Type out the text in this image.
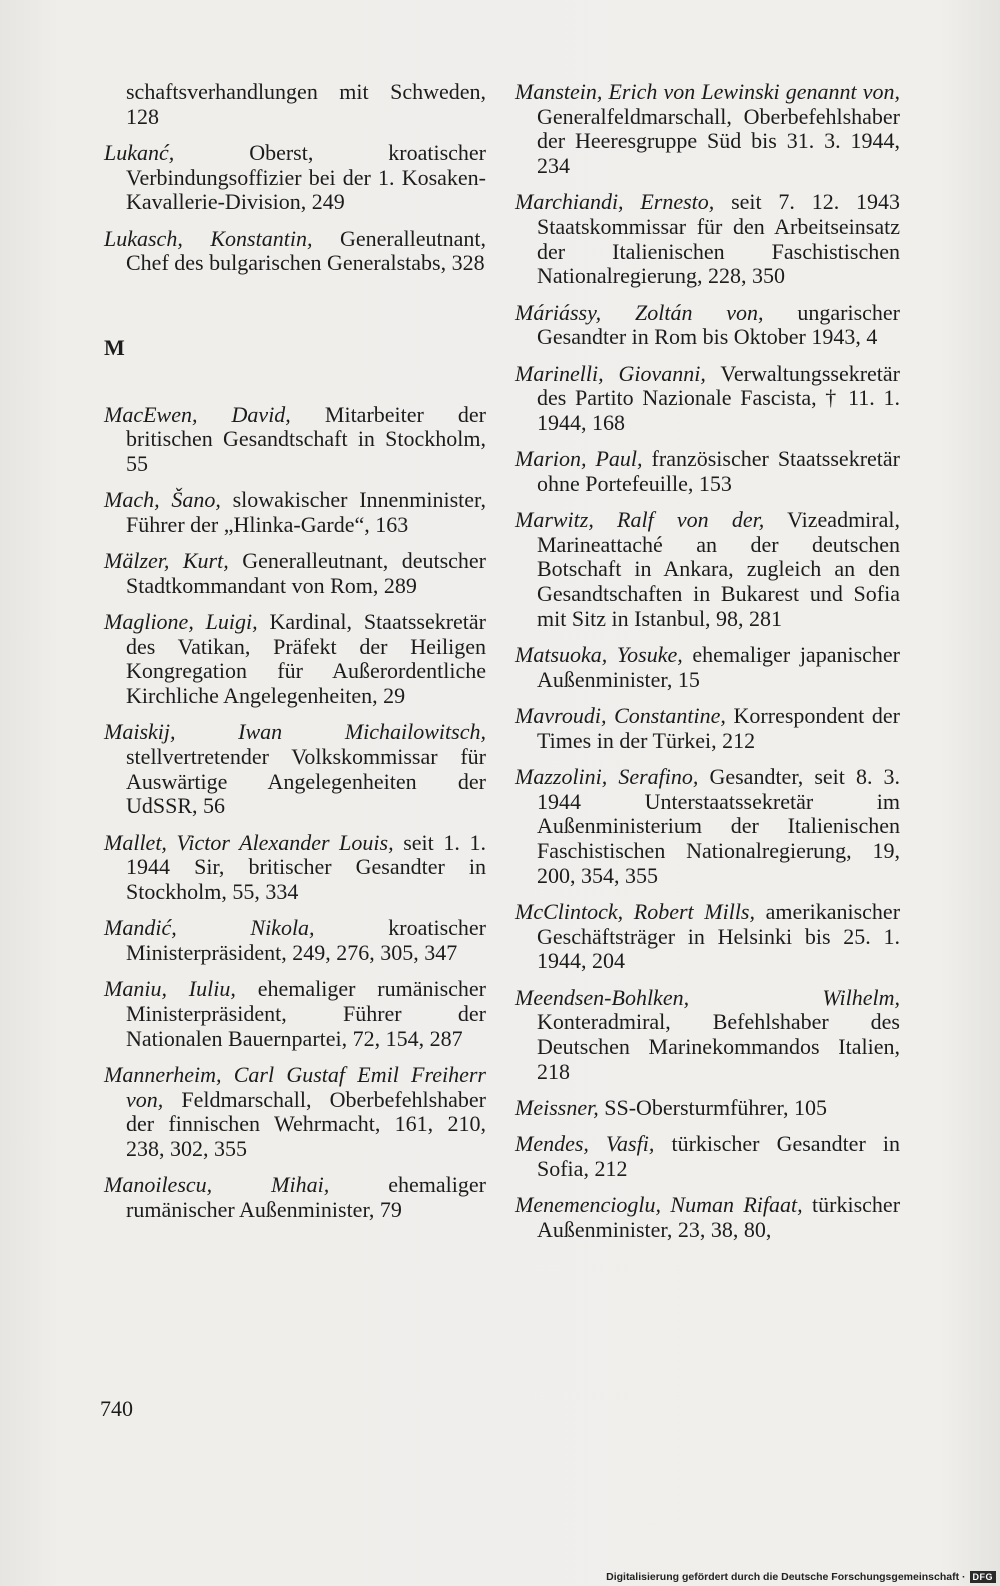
schaftsverhandlungen mit Schweden, 128
Lukanć,	Oberst, kroatischer Verbindungsoffizier bei der 1. Kosaken-Kavallerie-Division, 249
Lukasch, Konstantin, Generalleutnant, Chef des bulgarischen Generalstabs, 328
M
MacEwen, David, Mitarbeiter der britischen Gesandtschaft in Stockholm, 55
Mach, Šano, slowakischer Innenminister, Führer der „Hlinka-Garde“, 163
Mälzer, Kurt, Generalleutnant, deutscher Stadtkommandant von Rom, 289
Maglione, Luigi, Kardinal, Staatssekretär des Vatikan, Präfekt der Heiligen Kongregation für Außerordentliche Kirchliche Angelegenheiten, 29
Maiskij, Iwan Michailowitsch, stellvertretender Volkskommissar für Auswärtige Angelegenheiten der UdSSR, 56
Mallet, Victor Alexander Louis, seit 1. 1. 1944 Sir, britischer Gesandter in Stockholm, 55, 334
Mandić, Nikola,	kroatischer Ministerpräsident, 249, 276, 305, 347
Maniu, Iuliu, ehemaliger rumänischer Ministerpräsident, Führer der Nationalen Bauernpartei, 72, 154, 287
Mannerheim, Carl Gustaf Emil Freiherr von, Feldmarschall, Oberbefehlshaber der finnischen Wehrmacht, 161, 210, 238, 302, 355
Manoilescu, Mihai,	ehemaliger rumänischer Außenminister, 79
Manstein, Erich von Lewinski genannt von, Generalfeldmarschall, Oberbefehlshaber der Heeresgruppe Süd bis 31. 3. 1944, 234
Marchiandi, Ernesto, seit 7. 12. 1943 Staatskommissar für den Arbeitseinsatz der Italienischen Faschistischen Nationalregierung, 228, 350
Máriássy, Zoltán von, ungarischer Gesandter in Rom bis Oktober 1943, 4
Marinelli, Giovanni, Verwaltungssekretär des Partito Nazionale Fascista, † 11. 1. 1944, 168
Marion, Paul, französischer Staatssekretär ohne Portefeuille, 153
Marwitz, Ralf von der, Vizeadmiral, Marineattaché an der deutschen Botschaft in Ankara, zugleich an den Gesandtschaften in Bukarest und Sofia mit Sitz in Istanbul, 98, 281
Matsuoka, Yosuke, ehemaliger japanischer Außenminister, 15
Mavroudi, Constantine, Korrespondent der Times in der Türkei, 212
Mazzolini, Serafino, Gesandter, seit 8. 3. 1944 Unterstaatssekretär im Außenministerium der Italienischen Faschistischen Nationalregierung, 19, 200, 354, 355
McClintock, Robert Mills, amerikanischer Geschäftsträger in Helsinki bis 25. 1. 1944, 204
Meendsen-Bohlken, Wilhelm, Konteradmiral, Befehlshaber des Deutschen Marinekommandos Italien, 218
Meissner, SS-Obersturmführer, 105
Mendes, Vasfi, türkischer Gesandter in Sofia, 212
Menemencioglu, Numan Rifaat, türkischer Außenminister, 23, 38, 80,
740
Digitalisierung gefördert durch die Deutsche Forschungsgemeinschaft · DFG
